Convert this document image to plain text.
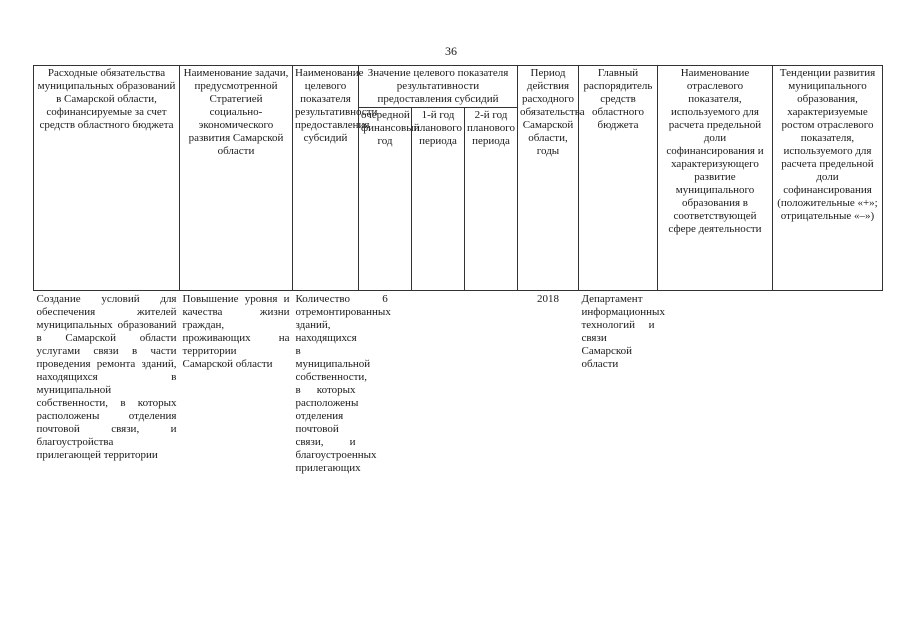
36
Расходные обязательства муниципальных образований в Самарской области, софинансируемые за счет средств областного бюджета	Наименование задачи, предусмотренной Стратегией социально-экономического развития Самарской области	Наименование целевого показателя результативности предоставления субсидий	Значение целевого показателя результативности предоставления субсидий			Период действия расходного обязательства Самарской области, годы	Главный распорядитель средств областного бюджета	Наименование отраслевого показателя, используемого для расчета предельной доли софинансирования и характеризующего развитие муниципального образования в соответствующей сфере деятельности	Тенденции развития муниципального образования, характеризуемые ростом отраслевого показателя, используемого для расчета предельной доли софинансирования (положительные «+»; отрицательные «–»)
			очередной финансовый год	1-й год планового периода	2-й год планового периода				
Создание условий для обеспечения жителей муниципальных образований в Самарской области услугами связи в части проведения ремонта зданий, находящихся в муниципальной собственности, в которых расположены отделения почтовой связи, и благоустройства прилегающей территории	Повышение уровня и качества жизни граждан, проживающих на территории Самарской области	Количество отремонтированных зданий, находящихся в муниципальной собственности, в которых расположены отделения почтовой связи, и благоустроенных прилегающих	6			2018	Департамент информационных технологий и связи Самарской области		
